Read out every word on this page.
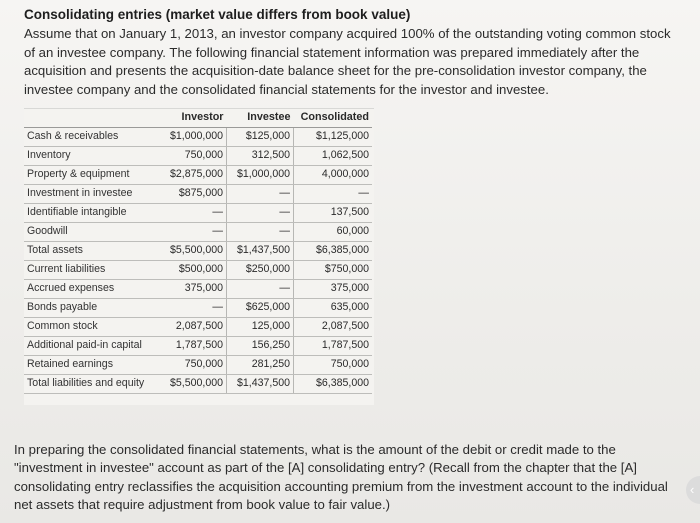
Consolidating entries (market value differs from book value)
Assume that on January 1, 2013, an investor company acquired 100% of the outstanding voting common stock of an investee company. The following financial statement information was prepared immediately after the acquisition and presents the acquisition-date balance sheet for the pre-consolidation investor company, the investee company and the consolidated financial statements for the investor and investee.
	Investor	Investee	Consolidated
Cash & receivables	$1,000,000	$125,000	$1,125,000
Inventory	750,000	312,500	1,062,500
Property & equipment	$2,875,000	$1,000,000	4,000,000
Investment in investee	$875,000	—	—
Identifiable intangible	—	—	137,500
Goodwill	—	—	60,000
Total assets	$5,500,000	$1,437,500	$6,385,000
Current liabilities	$500,000	$250,000	$750,000
Accrued expenses	375,000	—	375,000
Bonds payable	—	$625,000	635,000
Common stock	2,087,500	125,000	2,087,500
Additional paid-in capital	1,787,500	156,250	1,787,500
Retained earnings	750,000	281,250	750,000
Total liabilities and equity	$5,500,000	$1,437,500	$6,385,000
In preparing the consolidated financial statements, what is the amount of the debit or credit made to the "investment in investee" account as part of the [A] consolidating entry? (Recall from the chapter that the [A] consolidating entry reclassifies the acquisition accounting premium from the investment account to the individual net assets that require adjustment from book value to fair value.)
‹
